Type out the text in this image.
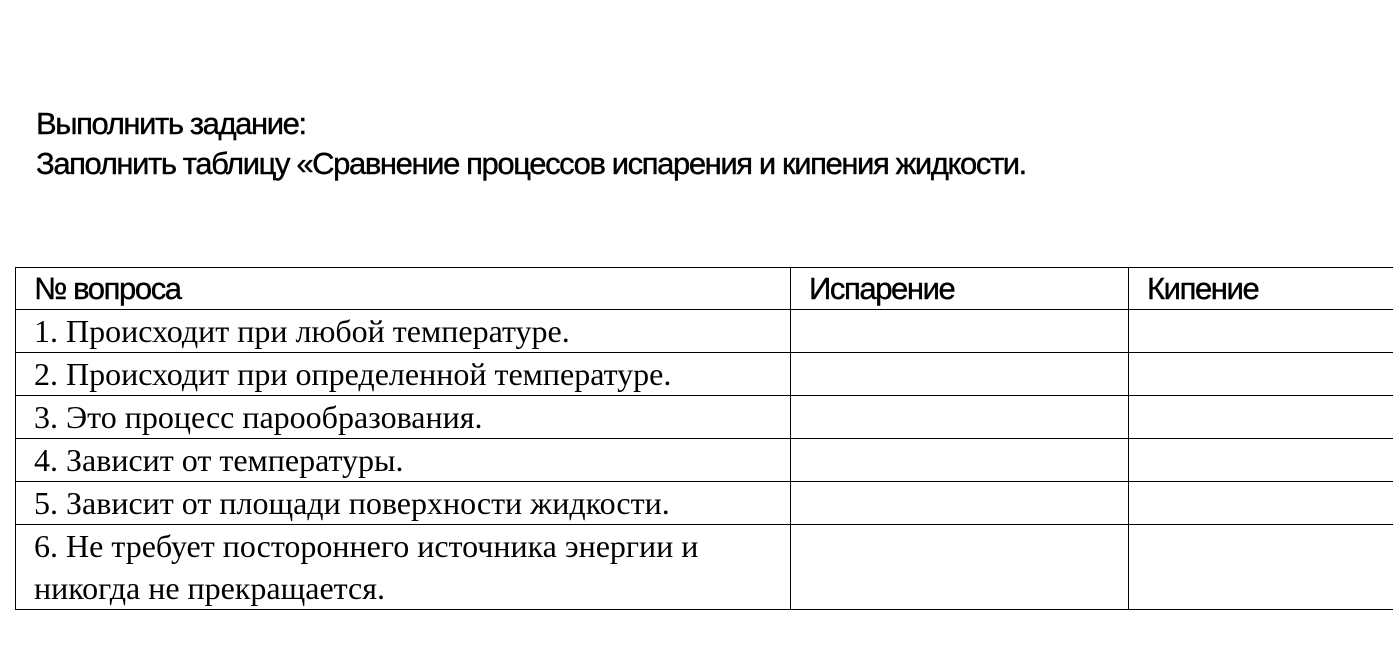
Выполнить задание:
Заполнить таблицу «Сравнение процессов испарения и кипения жидкости.
№ вопроса	Испарение	Кипение
1. Происходит при любой температуре.		
2. Происходит при определенной температуре.		
3. Это процесс парообразования.		
4. Зависит от температуры.		
5. Зависит от площади поверхности жидкости.		
6. Не требует постороннего источника энергии и никогда не прекращается.		
